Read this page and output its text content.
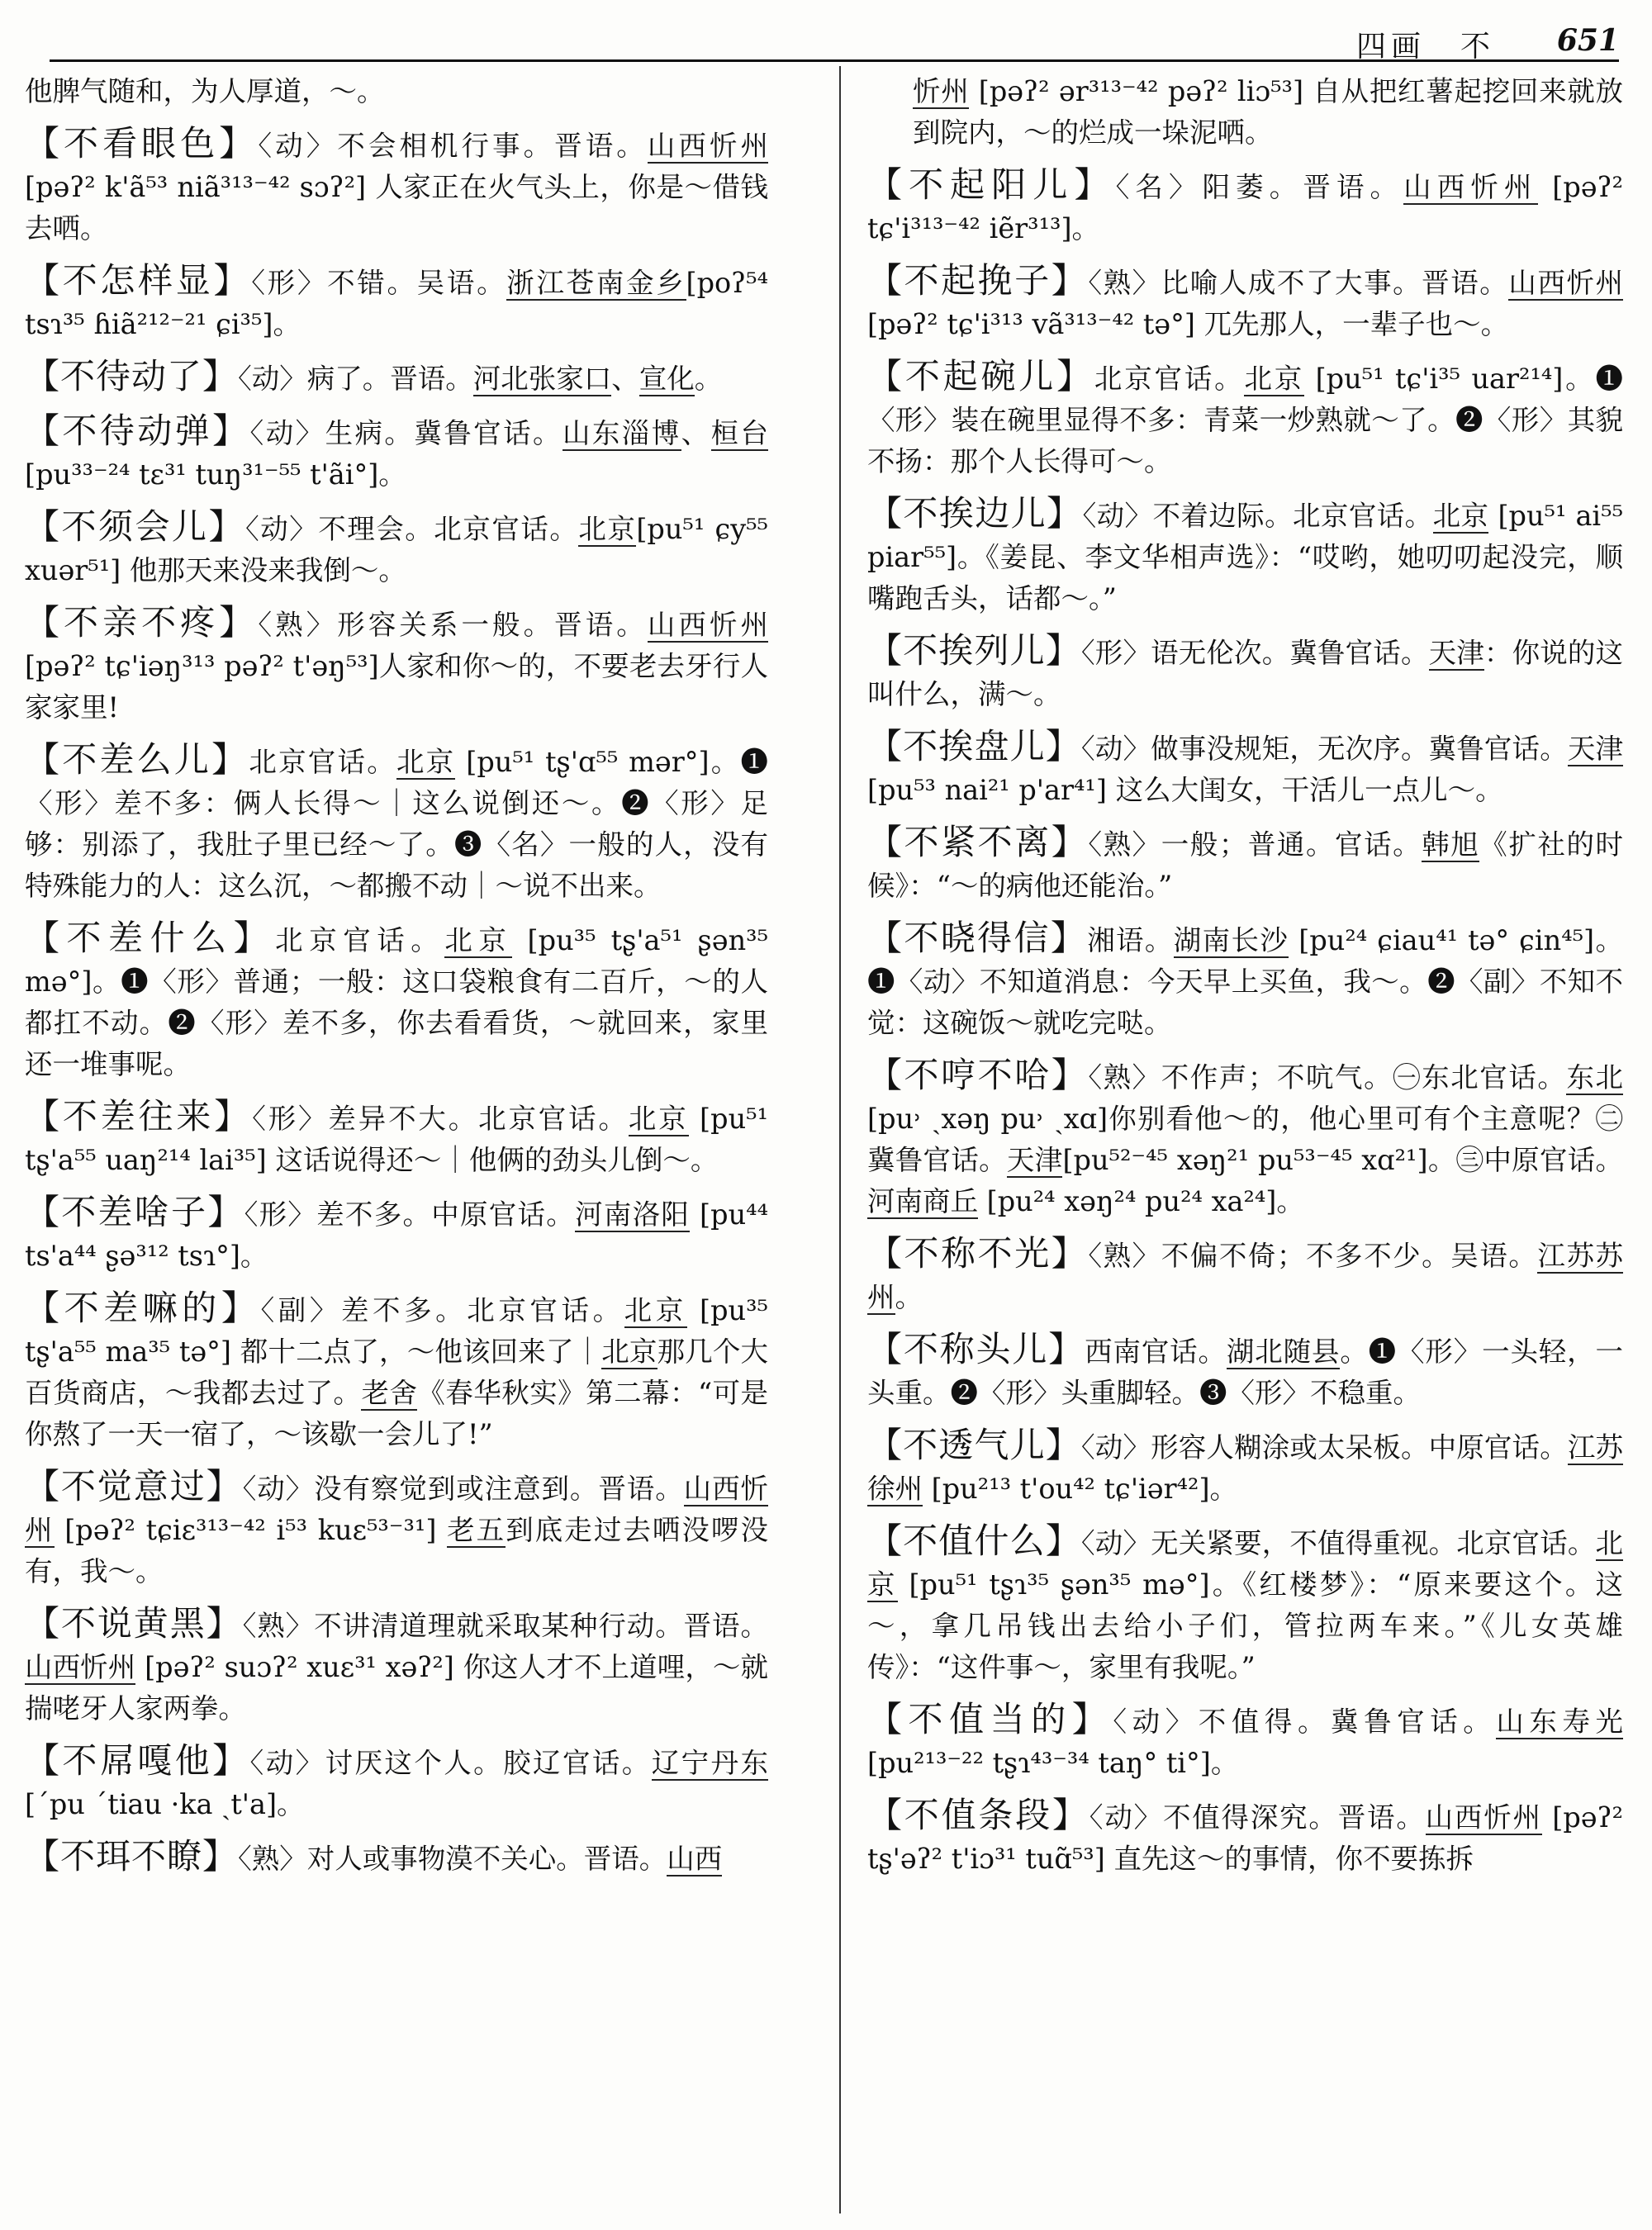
四画　不 651

他脾气随和，为人厚道，～。

【不看眼色】〈动〉不会相机行事。晋语。山西忻州 [pəʔ² k'ã⁵³ niã³¹³⁻⁴² sɔʔ²] 人家正在火气头上，你是～借钱去哂。

【不怎样显】〈形〉不错。吴语。浙江苍南金乡[poʔ⁵⁴ tsɿ³⁵ ɦiã²¹²⁻²¹ ɕi³⁵]。

【不待动了】〈动〉病了。晋语。河北张家口、宣化。

【不待动弹】〈动〉生病。冀鲁官话。山东淄博、桓台 [pu³³⁻²⁴ tɛ³¹ tuŋ³¹⁻⁵⁵ t'ãi°]。

【不须会儿】〈动〉不理会。北京官话。北京[pu⁵¹ ɕy⁵⁵ xuər⁵¹] 他那天来没来我倒～。

【不亲不疼】〈熟〉形容关系一般。晋语。山西忻州 [pəʔ² tɕ'iəŋ³¹³ pəʔ² t'əŋ⁵³]人家和你～的，不要老去牙行人家家里!

【不差么儿】北京官话。北京 [pu⁵¹ tʂ'ɑ⁵⁵ mər°]。❶〈形〉差不多：俩人长得～｜这么说倒还～。❷〈形〉足够：别添了，我肚子里已经～了。❸〈名〉一般的人，没有特殊能力的人：这么沉，～都搬不动｜～说不出来。

【不差什么】北京官话。北京 [pu³⁵ tʂ'a⁵¹ ʂən³⁵ mə°]。❶〈形〉普通；一般：这口袋粮食有二百斤，～的人都扛不动。❷〈形〉差不多，你去看看货，～就回来，家里还一堆事呢。

【不差往来】〈形〉差异不大。北京官话。北京 [pu⁵¹ tʂ'a⁵⁵ uaŋ²¹⁴ lai³⁵] 这话说得还～｜他俩的劲头儿倒～。

【不差啥子】〈形〉差不多。中原官话。河南洛阳 [pu⁴⁴ ts'a⁴⁴ ʂə³¹² tsɿ°]。

【不差嘛的】〈副〉差不多。北京官话。北京 [pu³⁵ tʂ'a⁵⁵ ma³⁵ tə°] 都十二点了，～他该回来了｜北京那几个大百货商店，～我都去过了。老舍《春华秋实》第二幕：“可是你熬了一天一宿了，～该歇一会儿了!”

【不觉意过】〈动〉没有察觉到或注意到。晋语。山西忻州 [pəʔ² tɕiɛ³¹³⁻⁴² i⁵³ kuɛ⁵³⁻³¹] 老五到底走过去哂没啰没有，我～。

【不说黄黑】〈熟〉不讲清道理就采取某种行动。晋语。山西忻州 [pəʔ² suɔʔ² xuɛ³¹ xəʔ²] 你这人才不上道哩，～就揣咾牙人家两拳。

【不屌嘎他】〈动〉讨厌这个人。胶辽官话。辽宁丹东 [ˊpu ˊtiau ·ka ˏt'a]。

【不珥不瞭】〈熟〉对人或事物漠不关心。晋语。山西

忻州 [pəʔ² ər³¹³⁻⁴² pəʔ² liɔ⁵³] 自从把红薯起挖回来就放到院内，～的烂成一垛泥哂。

【不起阳儿】〈名〉阳萎。晋语。山西忻州 [pəʔ² tɕ'i³¹³⁻⁴² iẽr³¹³]。

【不起挽子】〈熟〉比喻人成不了大事。晋语。山西忻州 [pəʔ² tɕ'i³¹³ vã³¹³⁻⁴² tə°] 兀先那人，一辈子也～。

【不起碗儿】北京官话。北京 [pu⁵¹ tɕ'i³⁵ uar²¹⁴]。❶〈形〉装在碗里显得不多：青菜一炒熟就～了。❷〈形〉其貌不扬：那个人长得可～。

【不挨边儿】〈动〉不着边际。北京官话。北京 [pu⁵¹ ai⁵⁵ piar⁵⁵]。《姜昆、李文华相声选》：“哎哟，她叨叨起没完，顺嘴跑舌头，话都～。”

【不挨列儿】〈形〉语无伦次。冀鲁官话。天津：你说的这叫什么，满～。

【不挨盘儿】〈动〉做事没规矩，无次序。冀鲁官话。天津 [pu⁵³ nai²¹ p'ar⁴¹] 这么大闺女，干活儿一点儿～。

【不紧不离】〈熟〉一般；普通。官话。韩旭《扩社的时候》：“～的病他还能治。”

【不晓得信】湘语。湖南长沙 [pu²⁴ ɕiau⁴¹ tə° ɕin⁴⁵]。❶〈动〉不知道消息：今天早上买鱼，我～。❷〈副〉不知不觉：这碗饭～就吃完哒。

【不哼不哈】〈熟〉不作声；不吭气。㊀东北官话。东北[pu˒ ˏxəŋ pu˒ ˏxɑ]你别看他～的，他心里可有个主意呢？㊁冀鲁官话。天津[pu⁵²⁻⁴⁵ xəŋ²¹ pu⁵³⁻⁴⁵ xɑ²¹]。㊂中原官话。河南商丘 [pu²⁴ xəŋ²⁴ pu²⁴ xa²⁴]。

【不称不光】〈熟〉不偏不倚；不多不少。吴语。江苏苏州。

【不称头儿】西南官话。湖北随县。❶〈形〉一头轻，一头重。❷〈形〉头重脚轻。❸〈形〉不稳重。

【不透气儿】〈动〉形容人糊涂或太呆板。中原官话。江苏徐州 [pu²¹³ t'ou⁴² tɕ'iər⁴²]。

【不值什么】〈动〉无关紧要，不值得重视。北京官话。北京 [pu⁵¹ tʂɿ³⁵ ʂən³⁵ mə°]。《红楼梦》：“原来要这个。这～，拿几吊钱出去给小子们，管拉两车来。”《儿女英雄传》：“这件事～，家里有我呢。”

【不值当的】〈动〉不值得。冀鲁官话。山东寿光 [pu²¹³⁻²² tʂɿ⁴³⁻³⁴ taŋ° ti°]。

【不值条段】〈动〉不值得深究。晋语。山西忻州 [pəʔ² tʂ'əʔ² t'iɔ³¹ tuɑ̃⁵³] 直先这～的事情，你不要拣拆
